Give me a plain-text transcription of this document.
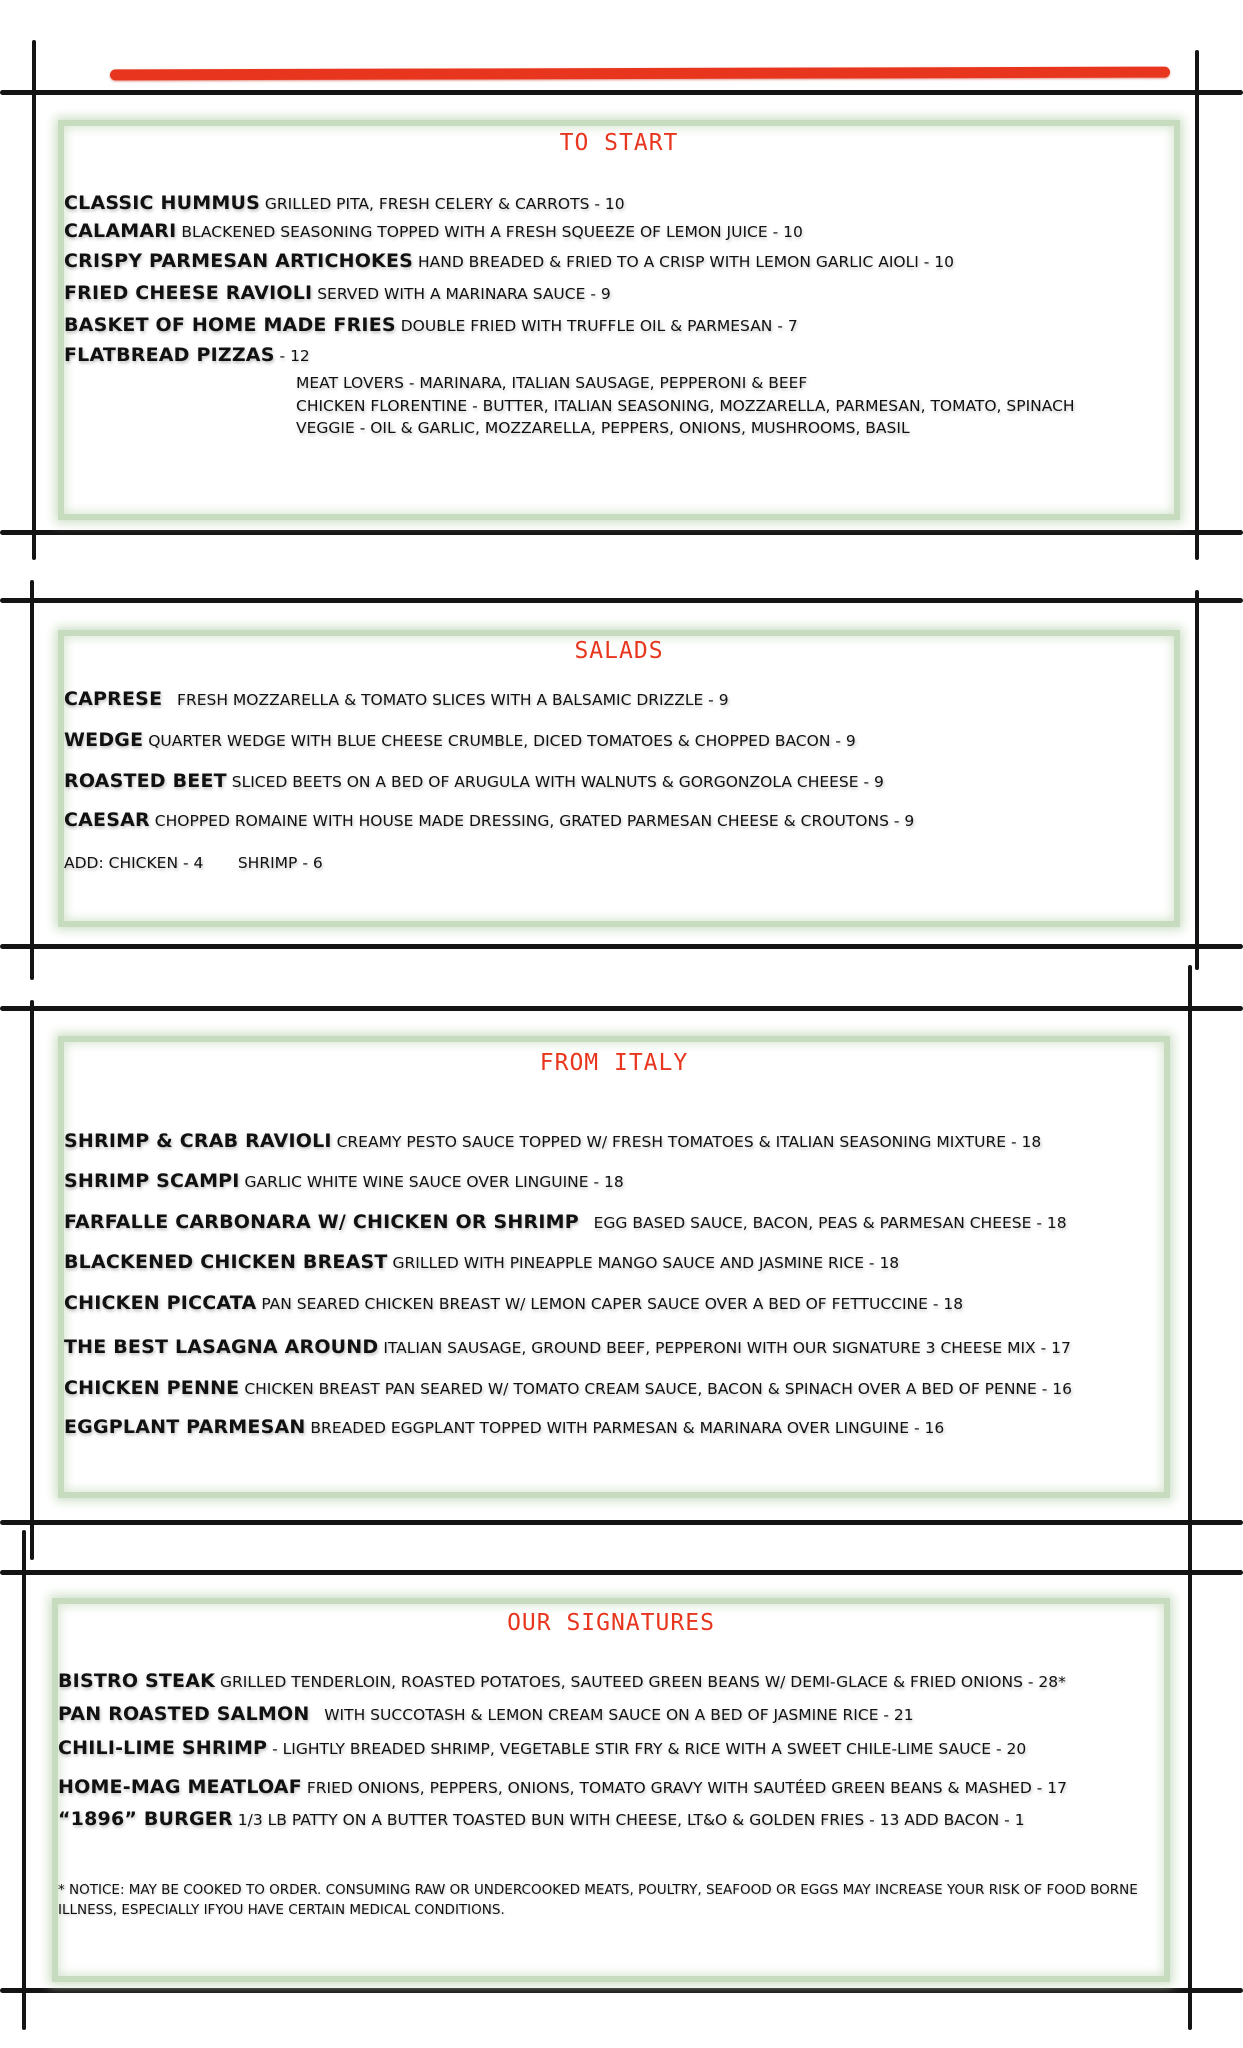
TO START
CLASSIC HUMMUS GRILLED PITA, FRESH CELERY & CARROTS - 10
CALAMARI BLACKENED SEASONING TOPPED WITH A FRESH SQUEEZE OF LEMON JUICE - 10
CRISPY PARMESAN ARTICHOKES HAND BREADED & FRIED TO A CRISP WITH LEMON GARLIC AIOLI - 10
FRIED CHEESE RAVIOLI SERVED WITH A MARINARA SAUCE - 9
BASKET OF HOME MADE FRIES DOUBLE FRIED WITH TRUFFLE OIL & PARMESAN - 7
FLATBREAD PIZZAS - 12
MEAT LOVERS - MARINARA, ITALIAN SAUSAGE, PEPPERONI & BEEF
CHICKEN FLORENTINE - BUTTER, ITALIAN SEASONING, MOZZARELLA, PARMESAN, TOMATO, SPINACH
VEGGIE - OIL & GARLIC, MOZZARELLA, PEPPERS, ONIONS, MUSHROOMS, BASIL
SALADS
CAPRESE FRESH MOZZARELLA & TOMATO SLICES WITH A BALSAMIC DRIZZLE - 9
WEDGE QUARTER WEDGE WITH BLUE CHEESE CRUMBLE, DICED TOMATOES & CHOPPED BACON - 9
ROASTED BEET SLICED BEETS ON A BED OF ARUGULA WITH WALNUTS & GORGONZOLA CHEESE - 9
CAESAR CHOPPED ROMAINE WITH HOUSE MADE DRESSING, GRATED PARMESAN CHEESE & CROUTONS - 9
ADD: CHICKEN - 4       SHRIMP - 6
FROM ITALY
SHRIMP & CRAB RAVIOLI CREAMY PESTO SAUCE TOPPED W/ FRESH TOMATOES & ITALIAN SEASONING MIXTURE - 18
SHRIMP SCAMPI GARLIC WHITE WINE SAUCE OVER LINGUINE - 18
FARFALLE CARBONARA W/ CHICKEN OR SHRIMP EGG BASED SAUCE, BACON, PEAS & PARMESAN CHEESE - 18
BLACKENED CHICKEN BREAST GRILLED WITH PINEAPPLE MANGO SAUCE AND JASMINE RICE - 18
CHICKEN PICCATA PAN SEARED CHICKEN BREAST W/ LEMON CAPER SAUCE OVER A BED OF FETTUCCINE - 18
THE BEST LASAGNA AROUND ITALIAN SAUSAGE, GROUND BEEF, PEPPERONI WITH OUR SIGNATURE 3 CHEESE MIX - 17
CHICKEN PENNE CHICKEN BREAST PAN SEARED W/ TOMATO CREAM SAUCE, BACON & SPINACH OVER A BED OF PENNE - 16
EGGPLANT PARMESAN BREADED EGGPLANT TOPPED WITH PARMESAN & MARINARA OVER LINGUINE - 16
OUR SIGNATURES
BISTRO STEAK GRILLED TENDERLOIN, ROASTED POTATOES, SAUTEED GREEN BEANS W/ DEMI-GLACE & FRIED ONIONS - 28*
PAN ROASTED SALMON WITH SUCCOTASH & LEMON CREAM SAUCE ON A BED OF JASMINE RICE - 21
CHILI-LIME SHRIMP - LIGHTLY BREADED SHRIMP, VEGETABLE STIR FRY & RICE WITH A SWEET CHILE-LIME SAUCE - 20
HOME-MAG MEATLOAF FRIED ONIONS, PEPPERS, ONIONS, TOMATO GRAVY WITH SAUTÉED GREEN BEANS & MASHED - 17
“1896” BURGER 1/3 LB PATTY ON A BUTTER TOASTED BUN WITH CHEESE, LT&O & GOLDEN FRIES - 13 ADD BACON - 1
* NOTICE: MAY BE COOKED TO ORDER. CONSUMING RAW OR UNDERCOOKED MEATS, POULTRY, SEAFOOD OR EGGS MAY INCREASE YOUR RISK OF FOOD BORNE ILLNESS, ESPECIALLY IFYOU HAVE CERTAIN MEDICAL CONDITIONS.
